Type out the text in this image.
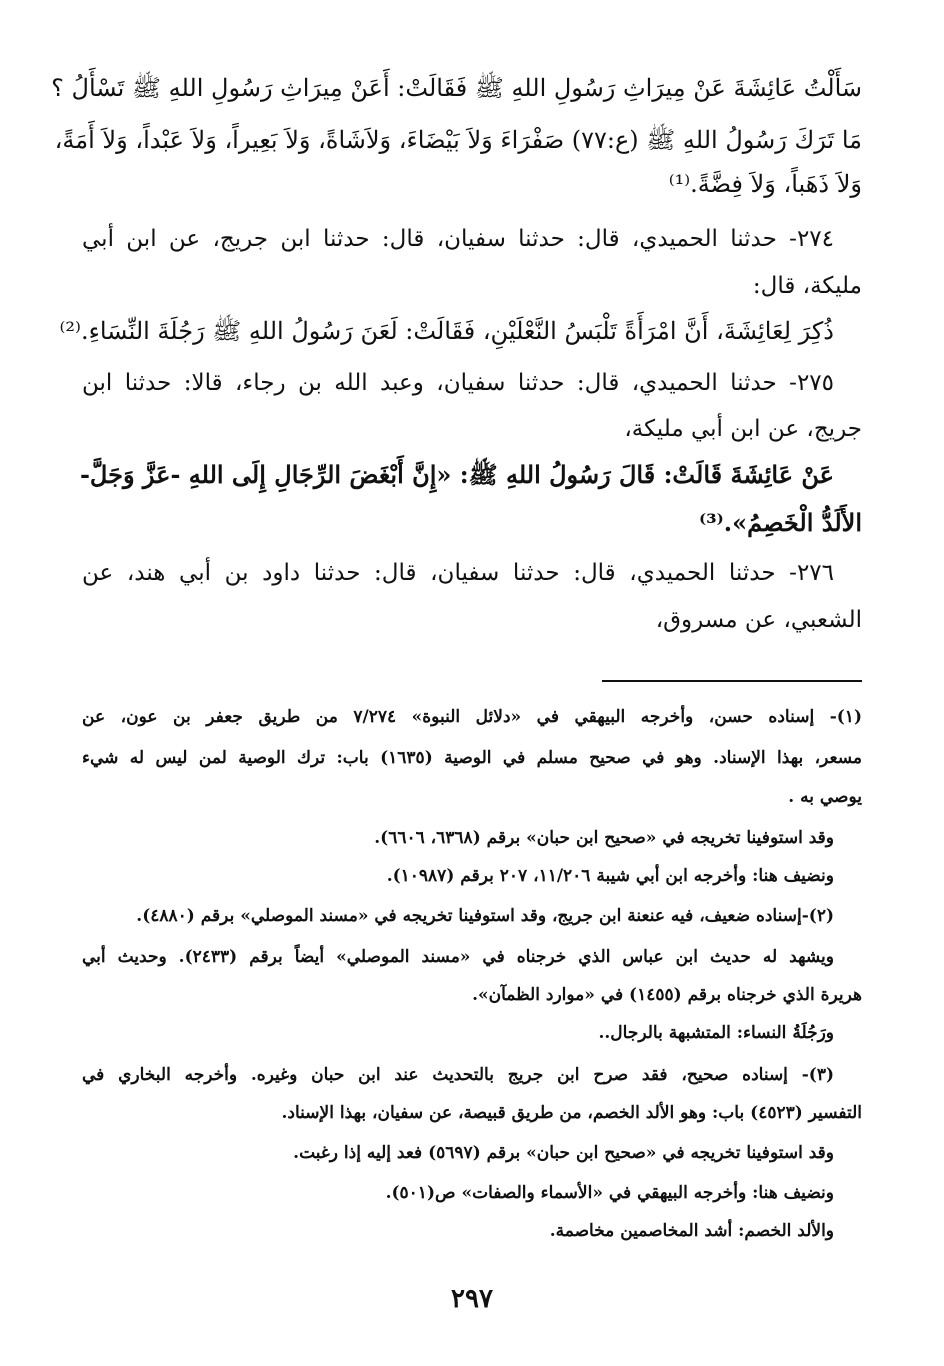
سَأَلْتُ عَائِشَةَ عَنْ مِيرَاثِ رَسُولِ اللهِ ﷺ فَقَالَتْ: أَعَنْ مِيرَاثِ رَسُولِ اللهِ ﷺ تَسْأَلُ ؟
مَا تَرَكَ رَسُولُ اللهِ ﷺ (ع:٧٧) صَفْرَاءَ وَلاَ بَيْضَاءَ، وَلاَشَاةً، وَلاَ بَعِيراً، وَلاَ عَبْداً، وَلاَ أَمَةً،
وَلاَ ذَهَباً، وَلاَ فِضَّةً.⁽¹⁾
٢٧٤- حدثنا الحميدي، قال: حدثنا سفيان، قال: حدثنا ابن جريج، عن ابن أبي
مليكة، قال:
ذُكِرَ لِعَائِشَةَ، أَنَّ امْرَأَةً تَلْبَسُ النَّعْلَيْنِ، فَقَالَتْ: لَعَنَ رَسُولُ اللهِ ﷺ رَجُلَةَ النِّسَاءِ.⁽²⁾
٢٧٥- حدثنا الحميدي، قال: حدثنا سفيان، وعبد الله بن رجاء، قالا: حدثنا ابن
جريج، عن ابن أبي مليكة،
عَنْ عَائِشَةَ قَالَتْ: قَالَ رَسُولُ اللهِ ﷺ: «إِنَّ أَبْغَضَ الرِّجَالِ إِلَى اللهِ -عَزَّ وَجَلَّ-
الأَلَدُّ الْخَصِمُ».⁽³⁾
٢٧٦- حدثنا الحميدي، قال: حدثنا سفيان، قال: حدثنا داود بن أبي هند، عن
الشعبي، عن مسروق،
(١)- إسناده حسن، وأخرجه البيهقي في «دلائل النبوة» ٧/٢٧٤ من طريق جعفر بن عون، عن
مسعر، بهذا الإسناد. وهو في صحيح مسلم في الوصية (١٦٣٥) باب: ترك الوصية لمن ليس له شيء
يوصي به .
وقد استوفينا تخريجه في «صحيح ابن حبان» برقم (٦٣٦٨، ٦٦٠٦).
ونضيف هنا: وأخرجه ابن أبي شيبة ١١/٢٠٦، ٢٠٧ برقم (١٠٩٨٧).
(٢)-إسناده ضعيف، فيه عنعنة ابن جريج، وقد استوفينا تخريجه في «مسند الموصلي» برقم (٤٨٨٠).
ويشهد له حديث ابن عباس الذي خرجناه في «مسند الموصلي» أيضاً برقم (٢٤٣٣). وحديث أبي
هريرة الذي خرجناه برقم (١٤٥٥) في «موارد الظمآن».
ورَجُلَةُ النساء: المتشبهة بالرجال..
(٣)- إسناده صحيح، فقد صرح ابن جريج بالتحديث عند ابن حبان وغيره. وأخرجه البخاري في
التفسير (٤٥٢٣) باب: وهو الألد الخصم، من طريق قبيصة، عن سفيان، بهذا الإسناد.
وقد استوفينا تخريجه في «صحيح ابن حبان» برقم (٥٦٩٧) فعد إليه إذا رغبت.
ونضيف هنا: وأخرجه البيهقي في «الأسماء والصفات» ص(٥٠١).
والألد الخصم: أشد المخاصمين مخاصمة.
٢٩٧
